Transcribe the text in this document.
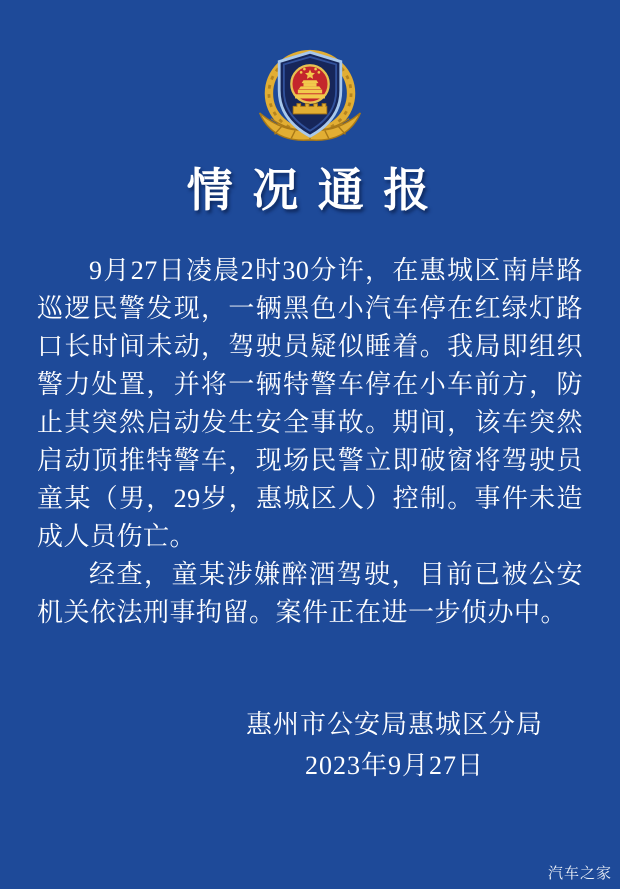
情 况 通 报

9月27日凌晨2时30分许，在惠城区南岸路巡逻民警发现，一辆黑色小汽车停在红绿灯路口长时间未动，驾驶员疑似睡着。我局即组织警力处置，并将一辆特警车停在小车前方，防止其突然启动发生安全事故。期间，该车突然启动顶推特警车，现场民警立即破窗将驾驶员童某（男，29岁，惠城区人）控制。事件未造成人员伤亡。

经查，童某涉嫌醉酒驾驶，目前已被公安机关依法刑事拘留。案件正在进一步侦办中。

惠州市公安局惠城区分局
2023年9月27日
汽车之家
